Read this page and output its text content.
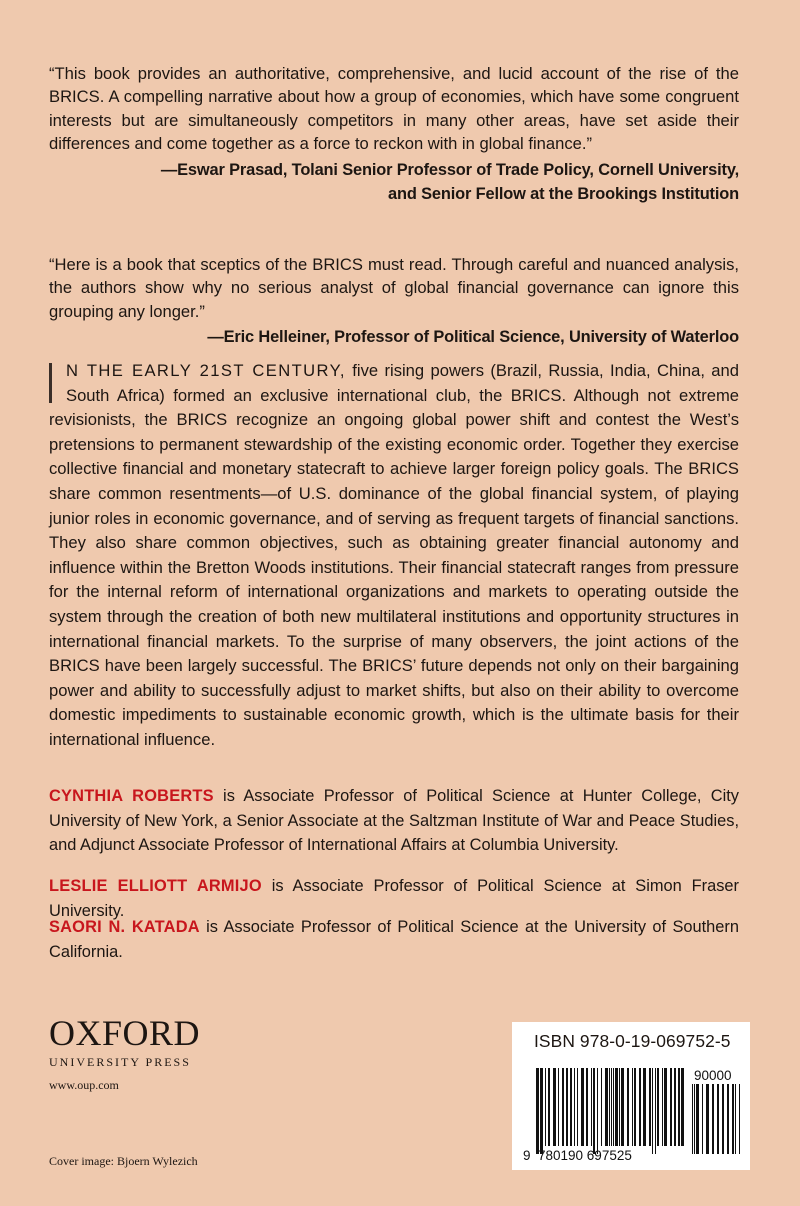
“This book provides an authoritative, comprehensive, and lucid account of the rise of the BRICS. A compelling narrative about how a group of economies, which have some congruent interests but are simultaneously competitors in many other areas, have set aside their differences and come together as a force to reckon with in global finance.”

—Eswar Prasad, Tolani Senior Professor of Trade Policy, Cornell University,
and Senior Fellow at the Brookings Institution

“Here is a book that sceptics of the BRICS must read. Through careful and nuanced analysis, the authors show why no serious analyst of global financial governance can ignore this grouping any longer.”

—Eric Helleiner, Professor of Political Science, University of Waterloo

N THE EARLY 21ST CENTURY, five rising powers (Brazil, Russia, India, China, and South Africa) formed an exclusive international club, the BRICS. Although not extreme revisionists, the BRICS recognize an ongoing global power shift and contest the West’s pretensions to permanent stewardship of the existing economic order. Together they exercise collective financial and monetary statecraft to achieve larger foreign policy goals. The BRICS share common resentments—of U.S. dominance of the global financial system, of playing junior roles in economic governance, and of serving as frequent targets of financial sanctions. They also share common objectives, such as obtaining greater financial autonomy and influence within the Bretton Woods institutions. Their financial statecraft ranges from pressure for the internal reform of international organizations and markets to operating outside the system through the creation of both new multilateral institutions and opportunity structures in international financial markets. To the surprise of many observers, the joint actions of the BRICS have been largely successful. The BRICS’ future depends not only on their bargaining power and ability to successfully adjust to market shifts, but also on their ability to overcome domestic impediments to sustainable economic growth, which is the ultimate basis for their international influence.

CYNTHIA ROBERTS is Associate Professor of Political Science at Hunter College, City University of New York, a Senior Associate at the Saltzman Institute of War and Peace Studies, and Adjunct Associate Professor of International Affairs at Columbia University.

LESLIE ELLIOTT ARMIJO is Associate Professor of Political Science at Simon Fraser University.

SAORI N. KATADA is Associate Professor of Political Science at the University of Southern California.

OXFORD
UNIVERSITY PRESS
www.oup.com
Cover image: Bjoern Wylezich
ISBN 978-0-19-069752-5
9 780190 697525
90000
